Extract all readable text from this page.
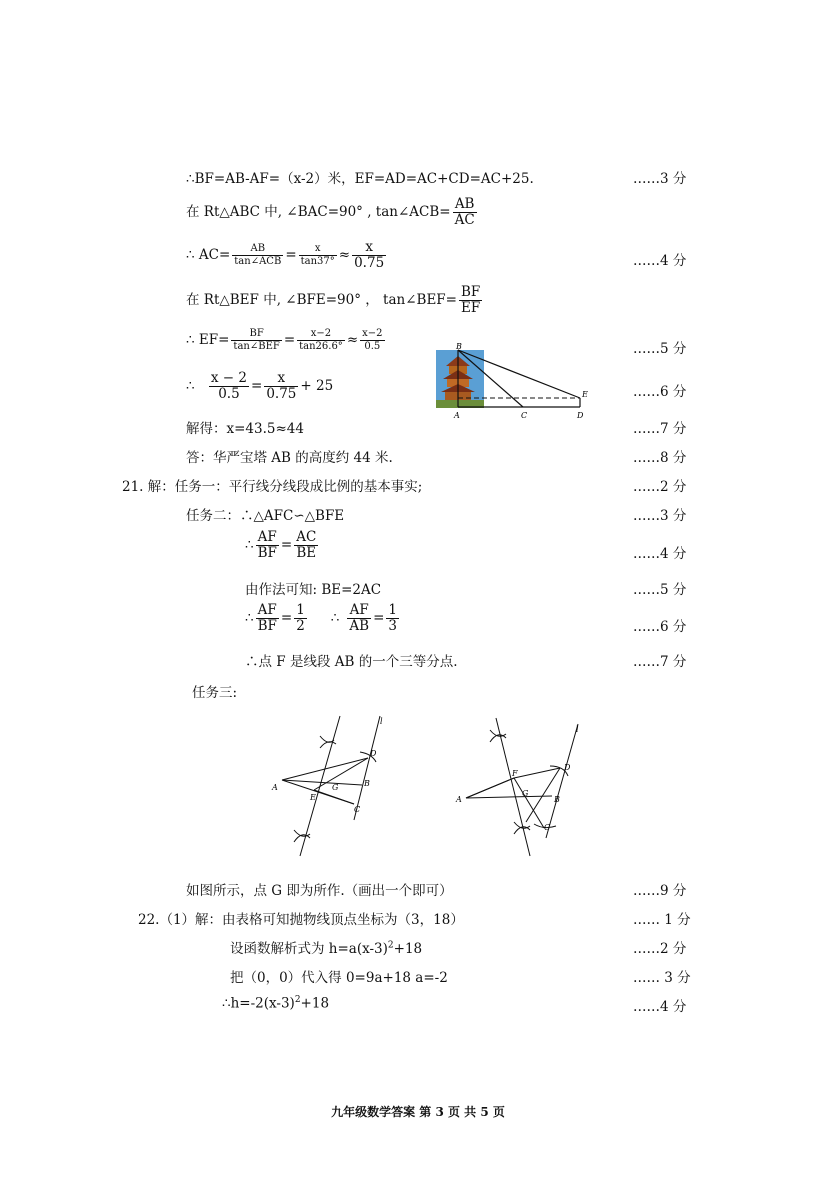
∴BF=AB-AF=（x-2）米，EF=AD=AC+CD=AC+25.	……3 分
在 Rt△ABC 中, ∠BAC=90° , tan∠ACB= $\frac{AB}{AC}$
∴ $AC= \frac{AB}{\text{tan∠ACB}} = \frac{x}{\tan 37^\circ} \approx \frac{x}{0.75}$	……4 分
在 Rt△BEF 中, ∠BFE=90° ， tan∠BEF= $\frac{BF}{EF}$
∴ $EF= \frac{BF}{\text{tan∠BEF}} = \frac{x-2}{\tan 26.6^\circ} \approx \frac{x-2}{0.5}$	……5 分
∴ $\frac{x - 2}{0.5} = \frac{x}{0.75} + 25$	……6 分
解得：x=43.5≈44	……7 分
答：华严宝塔 AB 的高度约 44 米.	……8 分
B
E
A	C	D
21. 解：任务一：平行线分线段成比例的基本事实;	……2 分
任务二：∴△AFC∽△BFE	……3 分
∴ $\frac{AF}{BF} = \frac{AC}{BE}$	……4 分
由作法可知: BE=2AC	……5 分
∴ $\frac{AF}{BF} = \frac{1}{2}$ ∴ $\frac{AF}{AB} = \frac{1}{3}$	……6 分
∴点 F 是线段 AB 的一个三等分点.	……7 分
任务三:
A
D
B
G
E
C
l
A
F
D
G
B
C
l
如图所示，点 G 即为所作.（画出一个即可）	……9 分
22.（1）解：由表格可知抛物线顶点坐标为（3，18）	…… 1 分
设函数解析式为 $h=a(x-3)^2+18$	……2 分
把（0，0）代入得 0=9a+18 a=-2	…… 3 分
$\therefore h=-2(x-3)^2+18$	……4 分
九年级数学答案 第 3 页 共 5 页
